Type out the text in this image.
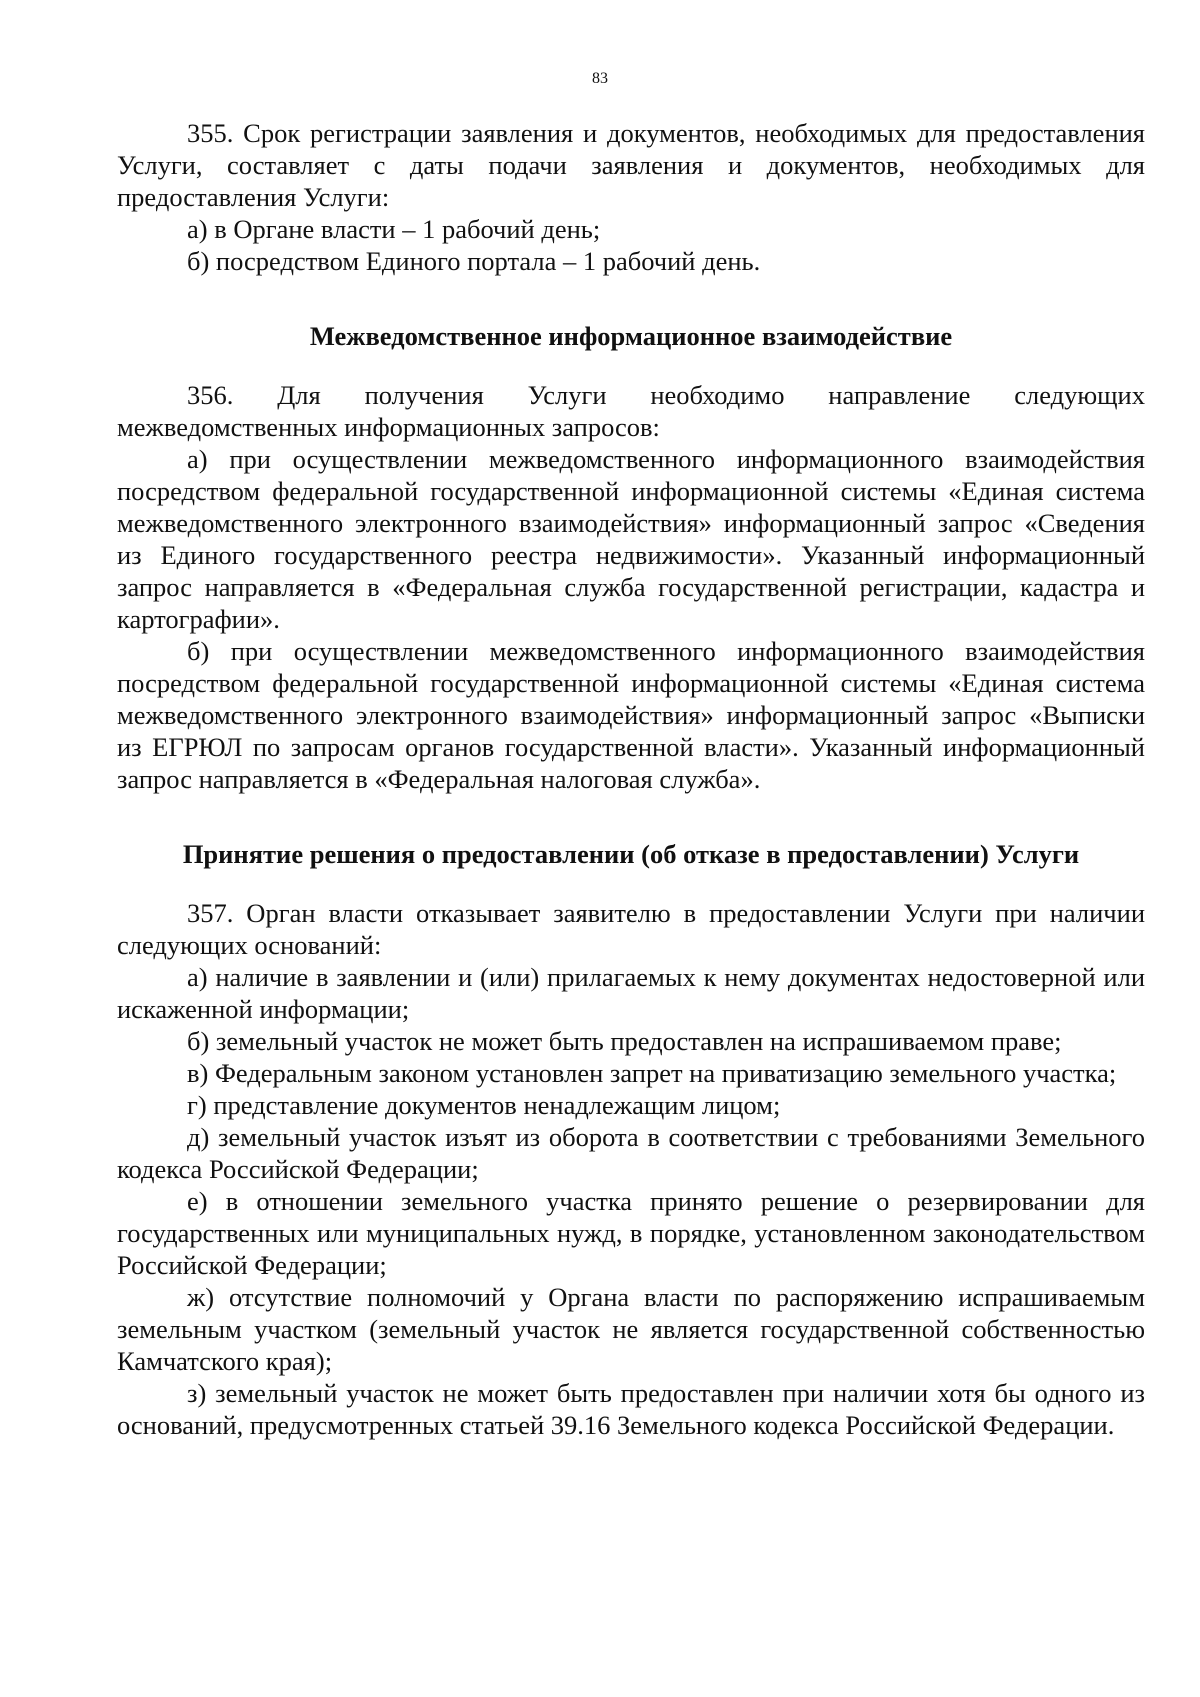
83

355. Срок регистрации заявления и документов, необходимых для предоставления Услуги, составляет с даты подачи заявления и документов, необходимых для предоставления Услуги:

а) в Органе власти – 1 рабочий день;

б) посредством Единого портала – 1 рабочий день.

Межведомственное информационное взаимодействие

356. Для получения Услуги необходимо направление следующих межведомственных информационных запросов:

а) при осуществлении межведомственного информационного взаимодействия посредством федеральной государственной информационной системы «Единая система межведомственного электронного взаимодействия» информационный запрос «Сведения из Единого государственного реестра недвижимости». Указанный информационный запрос направляется в «Федеральная служба государственной регистрации, кадастра и картографии».

б) при осуществлении межведомственного информационного взаимодействия посредством федеральной государственной информационной системы «Единая система межведомственного электронного взаимодействия» информационный запрос «Выписки из ЕГРЮЛ по запросам органов государственной власти». Указанный информационный запрос направляется в «Федеральная налоговая служба».

Принятие решения о предоставлении (об отказе в предоставлении) Услуги

357. Орган власти отказывает заявителю в предоставлении Услуги при наличии следующих оснований:

а) наличие в заявлении и (или) прилагаемых к нему документах недостоверной или искаженной информации;

б) земельный участок не может быть предоставлен на испрашиваемом праве;

в) Федеральным законом установлен запрет на приватизацию земельного участка;

г) представление документов ненадлежащим лицом;

д) земельный участок изъят из оборота в соответствии с требованиями Земельного кодекса Российской Федерации;

е) в отношении земельного участка принято решение о резервировании для государственных или муниципальных нужд, в порядке, установленном законодательством Российской Федерации;

ж) отсутствие полномочий у Органа власти по распоряжению испрашиваемым земельным участком (земельный участок не является государственной собственностью Камчатского края);

з) земельный участок не может быть предоставлен при наличии хотя бы одного из оснований, предусмотренных статьей 39.16 Земельного кодекса Российской Федерации.
